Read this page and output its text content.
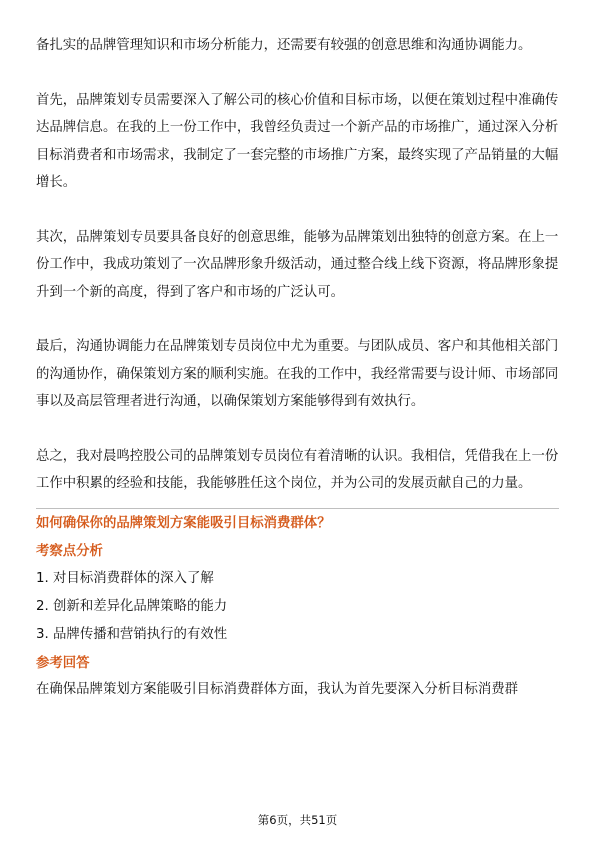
备扎实的品牌管理知识和市场分析能力，还需要有较强的创意思维和沟通协调能力。

首先，品牌策划专员需要深入了解公司的核心价值和目标市场，以便在策划过程中准确传达品牌信息。在我的上一份工作中，我曾经负责过一个新产品的市场推广，通过深入分析目标消费者和市场需求，我制定了一套完整的市场推广方案，最终实现了产品销量的大幅增长。

其次，品牌策划专员要具备良好的创意思维，能够为品牌策划出独特的创意方案。在上一份工作中，我成功策划了一次品牌形象升级活动，通过整合线上线下资源，将品牌形象提升到一个新的高度，得到了客户和市场的广泛认可。

最后，沟通协调能力在品牌策划专员岗位中尤为重要。与团队成员、客户和其他相关部门的沟通协作，确保策划方案的顺利实施。在我的工作中，我经常需要与设计师、市场部同事以及高层管理者进行沟通，以确保策划方案能够得到有效执行。

总之，我对晨鸣控股公司的品牌策划专员岗位有着清晰的认识。我相信，凭借我在上一份工作中积累的经验和技能，我能够胜任这个岗位，并为公司的发展贡献自己的力量。

如何确保你的品牌策划方案能吸引目标消费群体？

考察点分析

1. 对目标消费群体的深入了解
2. 创新和差异化品牌策略的能力
3. 品牌传播和营销执行的有效性

参考回答

在确保品牌策划方案能吸引目标消费群体方面，我认为首先要深入分析目标消费群

第6页，共51页
